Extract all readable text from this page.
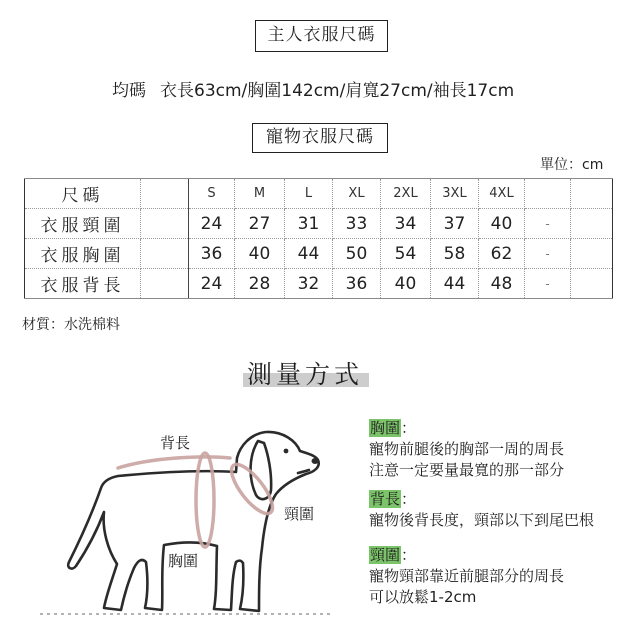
主人衣服尺碼
均碼 衣長63cm/胸圍142cm/肩寬27cm/袖長17cm
寵物衣服尺碼
單位：cm
尺碼		S	M	L	XL	2XL	3XL	4XL		
衣服頸圍		24	27	31	33	34	37	40	-	
衣服胸圍		36	40	44	50	54	58	62	-	
衣服背長		24	28	32	36	40	44	48	-	
材質：水洗棉料
測量方式
背長
胸圍
頸圍
胸圍：
寵物前腿後的胸部一周的周長
注意一定要量最寬的那一部分
背長：
寵物後背長度，頸部以下到尾巴根
頸圍：
寵物頸部靠近前腿部分的周長
可以放鬆1-2cm
